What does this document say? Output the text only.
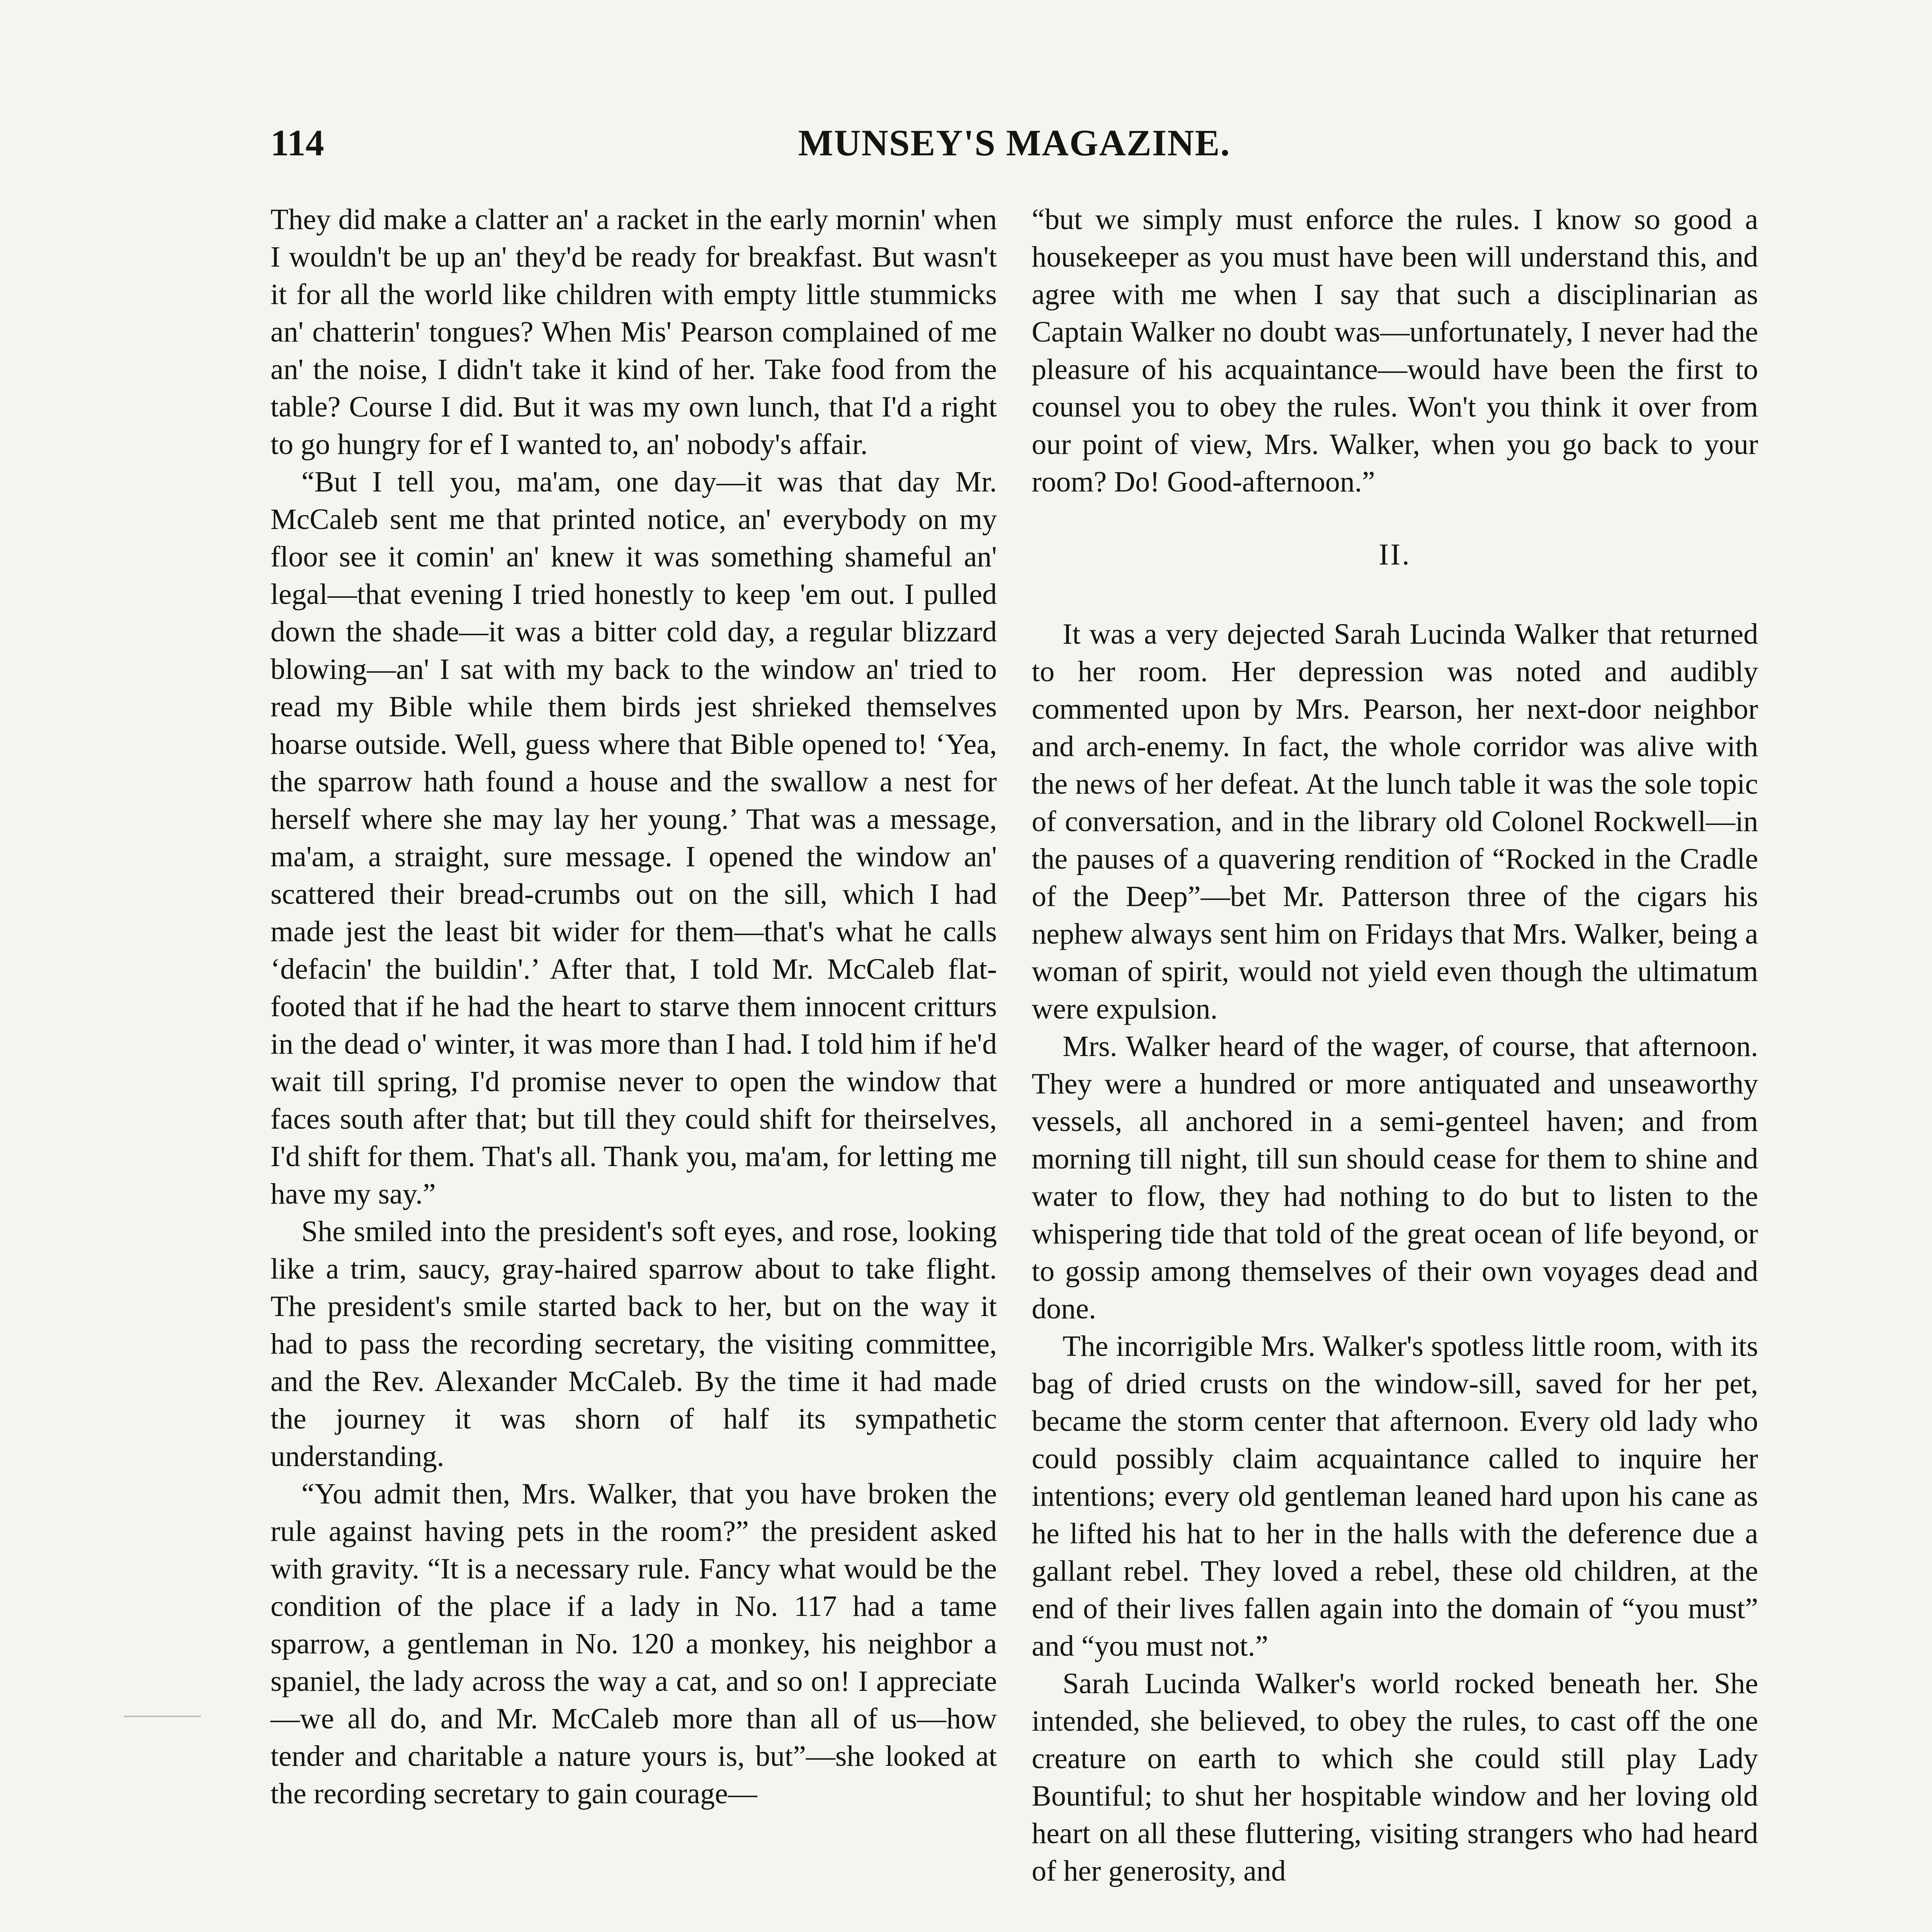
114	MUNSEY'S MAGAZINE.

They did make a clatter an' a racket in the early mornin' when I wouldn't be up an' they'd be ready for breakfast. But wasn't it for all the world like children with empty little stummicks an' chatterin' tongues? When Mis' Pearson complained of me an' the noise, I didn't take it kind of her. Take food from the table? Course I did. But it was my own lunch, that I'd a right to go hungry for ef I wanted to, an' nobody's affair.

“But I tell you, ma'am, one day—it was that day Mr. McCaleb sent me that printed notice, an' everybody on my floor see it comin' an' knew it was something shameful an' legal—that evening I tried honestly to keep 'em out. I pulled down the shade—it was a bitter cold day, a regular blizzard blowing—an' I sat with my back to the window an' tried to read my Bible while them birds jest shrieked themselves hoarse outside. Well, guess where that Bible opened to! ‘Yea, the sparrow hath found a house and the swallow a nest for herself where she may lay her young.’ That was a message, ma'am, a straight, sure message. I opened the window an' scattered their bread-crumbs out on the sill, which I had made jest the least bit wider for them—that's what he calls ‘defacin' the buildin'.’ After that, I told Mr. McCaleb flat-footed that if he had the heart to starve them innocent critturs in the dead o' winter, it was more than I had. I told him if he'd wait till spring, I'd promise never to open the window that faces south after that; but till they could shift for theirselves, I'd shift for them. That's all. Thank you, ma'am, for letting me have my say.”

She smiled into the president's soft eyes, and rose, looking like a trim, saucy, gray-haired sparrow about to take flight. The president's smile started back to her, but on the way it had to pass the recording secretary, the visiting committee, and the Rev. Alexander McCaleb. By the time it had made the journey it was shorn of half its sympathetic understanding.

“You admit then, Mrs. Walker, that you have broken the rule against having pets in the room?” the president asked with gravity. “It is a necessary rule. Fancy what would be the condition of the place if a lady in No. 117 had a tame sparrow, a gentleman in No. 120 a monkey, his neighbor a spaniel, the lady across the way a cat, and so on! I appreciate—we all do, and Mr. McCaleb more than all of us—how tender and charitable a nature yours is, but”—she looked at the recording secretary to gain courage—

“but we simply must enforce the rules. I know so good a housekeeper as you must have been will understand this, and agree with me when I say that such a disciplinarian as Captain Walker no doubt was—unfortunately, I never had the pleasure of his acquaintance—would have been the first to counsel you to obey the rules. Won't you think it over from our point of view, Mrs. Walker, when you go back to your room? Do! Good-afternoon.”

II.

It was a very dejected Sarah Lucinda Walker that returned to her room. Her depression was noted and audibly commented upon by Mrs. Pearson, her next-door neighbor and arch-enemy. In fact, the whole corridor was alive with the news of her defeat. At the lunch table it was the sole topic of conversation, and in the library old Colonel Rockwell—in the pauses of a quavering rendition of “Rocked in the Cradle of the Deep”—bet Mr. Patterson three of the cigars his nephew always sent him on Fridays that Mrs. Walker, being a woman of spirit, would not yield even though the ultimatum were expulsion.

Mrs. Walker heard of the wager, of course, that afternoon. They were a hundred or more antiquated and unseaworthy vessels, all anchored in a semi-genteel haven; and from morning till night, till sun should cease for them to shine and water to flow, they had nothing to do but to listen to the whispering tide that told of the great ocean of life beyond, or to gossip among themselves of their own voyages dead and done.

The incorrigible Mrs. Walker's spotless little room, with its bag of dried crusts on the window-sill, saved for her pet, became the storm center that afternoon. Every old lady who could possibly claim acquaintance called to inquire her intentions; every old gentleman leaned hard upon his cane as he lifted his hat to her in the halls with the deference due a gallant rebel. They loved a rebel, these old children, at the end of their lives fallen again into the domain of “you must” and “you must not.”

Sarah Lucinda Walker's world rocked beneath her. She intended, she believed, to obey the rules, to cast off the one creature on earth to which she could still play Lady Bountiful; to shut her hospitable window and her loving old heart on all these fluttering, visiting strangers who had heard of her generosity, and
